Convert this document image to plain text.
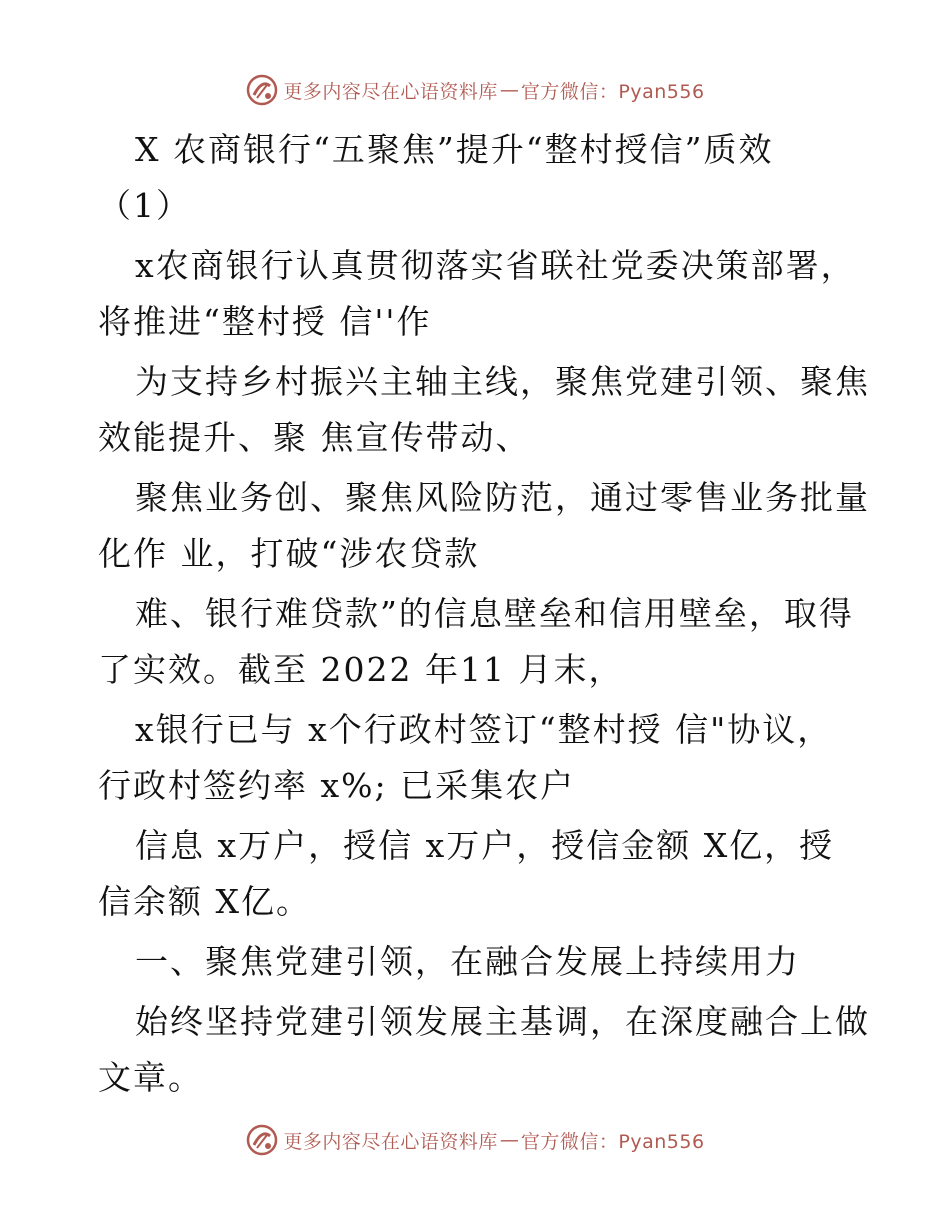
更多内容尽在心语资料库 — 官方微信：Pyan556
X 农商银行“五聚焦”提升“整村授信”质效
（1）
x农商银行认真贯彻落实省联社党委决策部署，
将推进“整村授 信''作
为支持乡村振兴主轴主线，聚焦党建引领、聚焦
效能提升、聚 焦宣传带动、
聚焦业务创、聚焦风险防范，通过零售业务批量
化作 业，打破“涉农贷款
难、银行难贷款”的信息壁垒和信用壁垒，取得
了实效。截至 2022 年11 月末，
x银行已与 x个行政村签订“整村授 信"协议，
行政村签约率 x%; 已采集农户
信息 x万户，授信 x万户，授信金额 X亿，授
信余额 X亿。
一、聚焦党建引领，在融合发展上持续用力
始终坚持党建引领发展主基调，在深度融合上做
文章。
更多内容尽在心语资料库 — 官方微信：Pyan556
